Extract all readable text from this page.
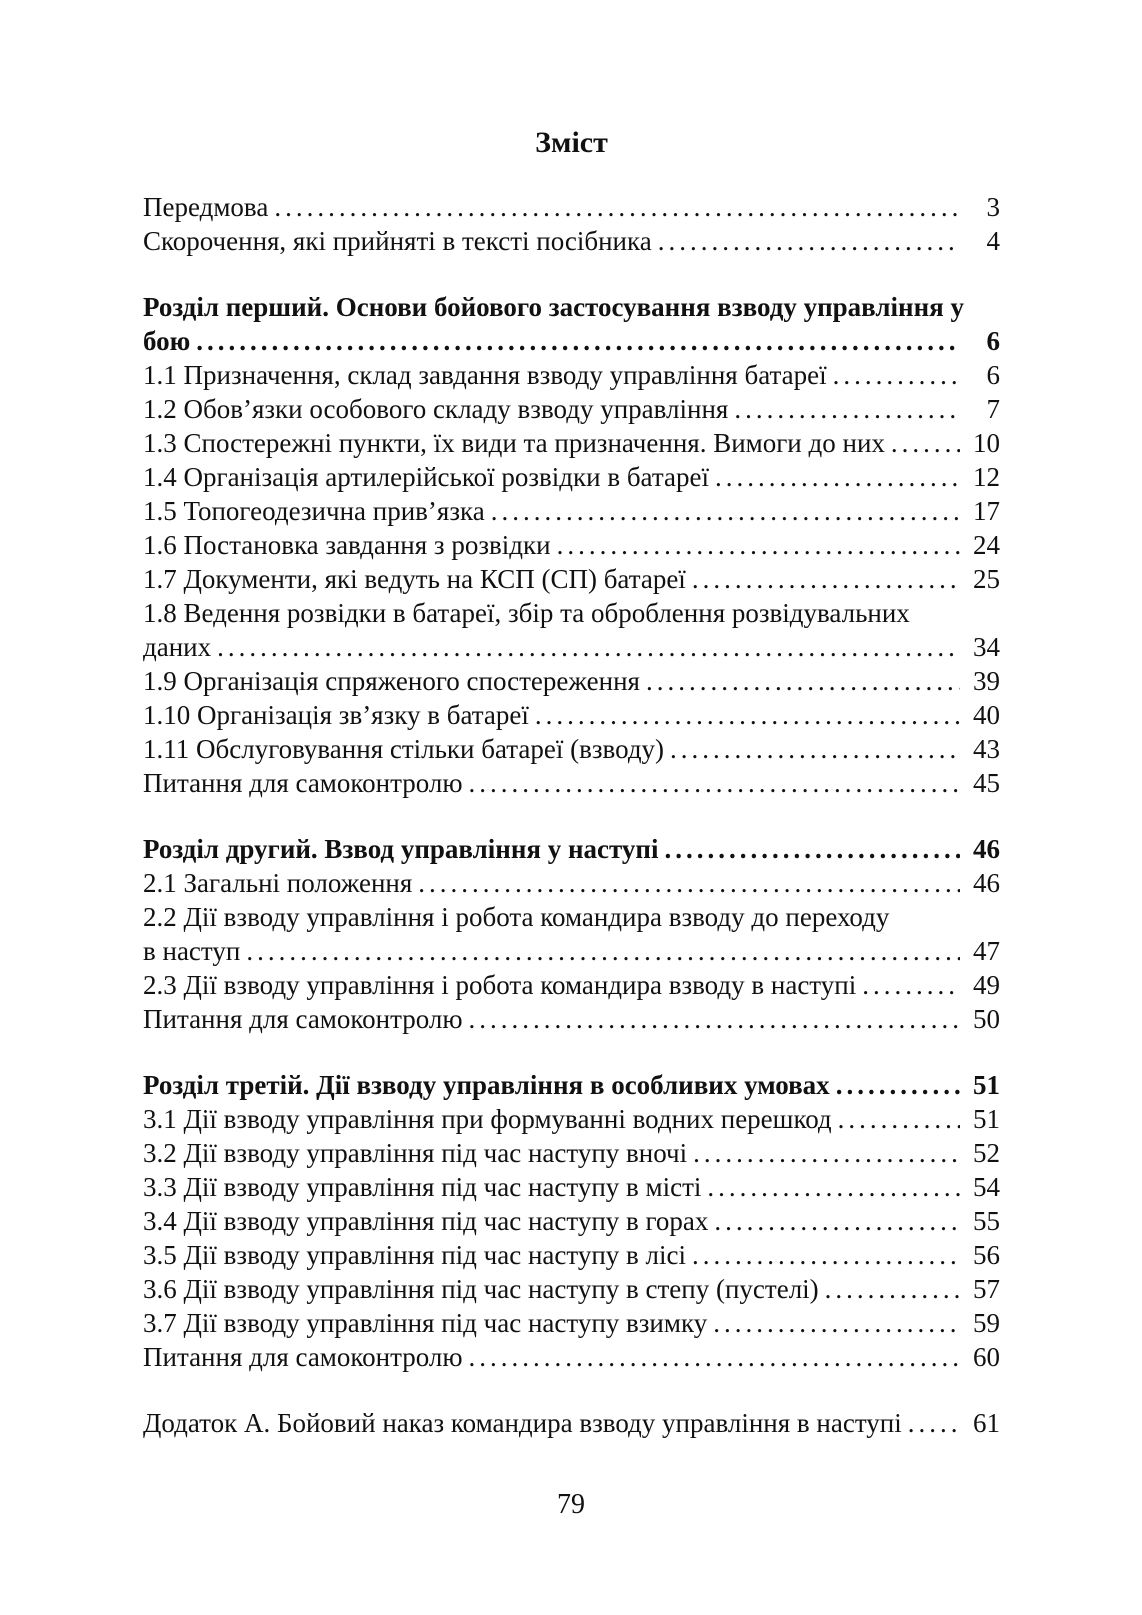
Зміст
Передмова .....	3
Скорочення, які прийняті в тексті посібника .....	4
Розділ перший. Основи бойового застосування взводу управління у
бою .....	6
1.1 Призначення, склад завдання взводу управління батареї .....	6
1.2 Обов’язки особового складу взводу управління .....	7
1.3 Спостережні пункти, їх види та призначення. Вимоги до них .....	10
1.4 Організація артилерійської розвідки в батареї .....	12
1.5 Топогеодезична прив’язка .....	17
1.6 Постановка завдання з розвідки .....	24
1.7 Документи, які ведуть на КСП (СП) батареї .....	25
1.8 Ведення розвідки в батареї, збір та оброблення розвідувальних
даних .....	34
1.9 Організація спряженого спостереження .....	39
1.10 Організація зв’язку в батареї .....	40
1.11 Обслуговування стільки батареї (взводу) .....	43
Питання для самоконтролю .....	45
Розділ другий. Взвод управління у наступі .....	46
2.1 Загальні положення .....	46
2.2 Дії взводу управління і робота командира взводу до переходу
в наступ .....	47
2.3 Дії взводу управління і робота командира взводу в наступі .....	49
Питання для самоконтролю .....	50
Розділ третій. Дії взводу управління в особливих умовах .....	51
3.1 Дії взводу управління при формуванні водних перешкод .....	51
3.2 Дії взводу управління під час наступу вночі .....	52
3.3 Дії взводу управління під час наступу в місті .....	54
3.4 Дії взводу управління під час наступу в горах .....	55
3.5 Дії взводу управління під час наступу в лісі .....	56
3.6 Дії взводу управління під час наступу в степу (пустелі) .....	57
3.7 Дії взводу управління під час наступу взимку .....	59
Питання для самоконтролю .....	60
Додаток А. Бойовий наказ командира взводу управління в наступі .....	61
79
